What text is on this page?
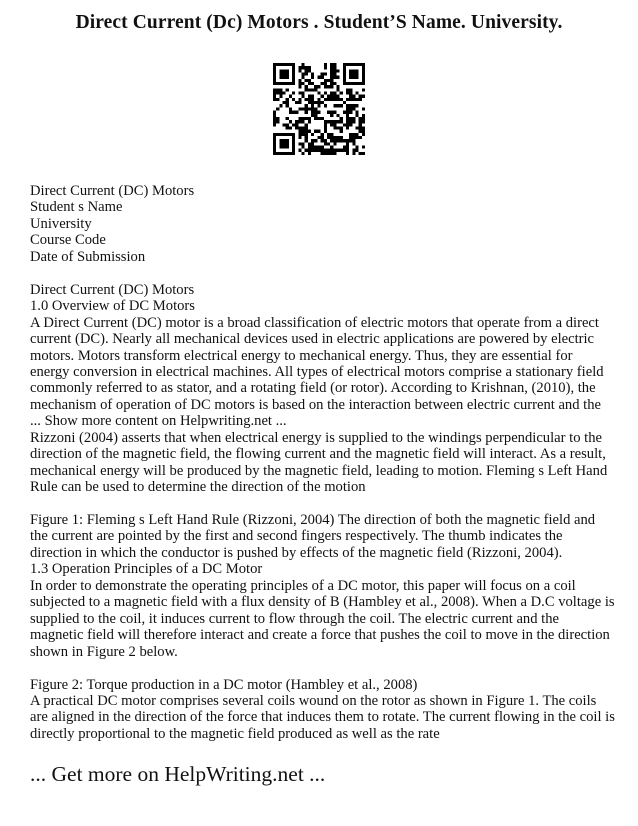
Direct Current (Dc) Motors . Student’S Name. University.

Direct Current (DC) Motors

Student s Name

University

Course Code

Date of Submission

Direct Current (DC) Motors

1.0 Overview of DC Motors

A Direct Current (DC) motor is a broad classification of electric motors that operate from a direct current (DC). Nearly all mechanical devices used in electric applications are powered by electric motors. Motors transform electrical energy to mechanical energy. Thus, they are essential for energy conversion in electrical machines. All types of electrical motors comprise a stationary field commonly referred to as stator, and a rotating field (or rotor). According to Krishnan, (2010), the mechanism of operation of DC motors is based on the interaction between electric current and the ... Show more content on Helpwriting.net ...

Rizzoni (2004) asserts that when electrical energy is supplied to the windings perpendicular to the direction of the magnetic field, the flowing current and the magnetic field will interact. As a result, mechanical energy will be produced by the magnetic field, leading to motion. Fleming s Left Hand Rule can be used to determine the direction of the motion

Figure 1: Fleming s Left Hand Rule (Rizzoni, 2004) The direction of both the magnetic field and the current are pointed by the first and second fingers respectively. The thumb indicates the direction in which the conductor is pushed by effects of the magnetic field (Rizzoni, 2004).

1.3 Operation Principles of a DC Motor

In order to demonstrate the operating principles of a DC motor, this paper will focus on a coil subjected to a magnetic field with a flux density of B (Hambley et al., 2008). When a D.C voltage is supplied to the coil, it induces current to flow through the coil. The electric current and the magnetic field will therefore interact and create a force that pushes the coil to move in the direction shown in Figure 2 below.

Figure 2: Torque production in a DC motor (Hambley et al., 2008)

A practical DC motor comprises several coils wound on the rotor as shown in Figure 1. The coils are aligned in the direction of the force that induces them to rotate. The current flowing in the coil is directly proportional to the magnetic field produced as well as the rate

... Get more on HelpWriting.net ...
